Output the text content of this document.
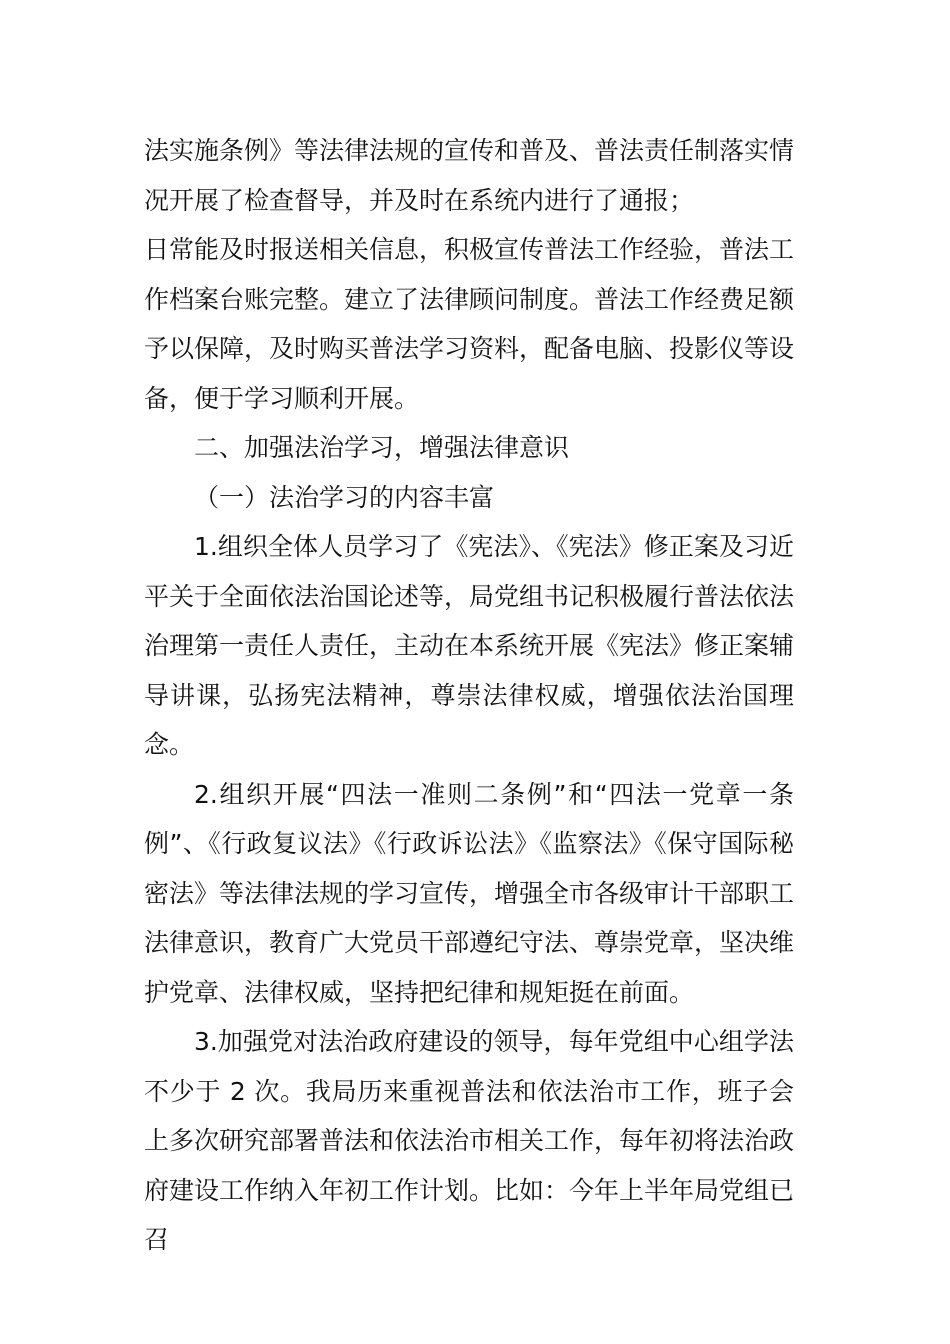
法实施条例》等法律法规的宣传和普及、普法责任制落实情况开展了检查督导，并及时在系统内进行了通报；

日常能及时报送相关信息，积极宣传普法工作经验，普法工作档案台账完整。建立了法律顾问制度。普法工作经费足额予以保障，及时购买普法学习资料，配备电脑、投影仪等设备，便于学习顺利开展。

二、加强法治学习，增强法律意识

（一）法治学习的内容丰富

1.组织全体人员学习了《宪法》、《宪法》修正案及习近平关于全面依法治国论述等，局党组书记积极履行普法依法治理第一责任人责任，主动在本系统开展《宪法》修正案辅导讲课，弘扬宪法精神，尊崇法律权威，增强依法治国理念。

2.组织开展“四法一准则二条例”和“四法一党章一条例”、《行政复议法》《行政诉讼法》《监察法》《保守国际秘密法》等法律法规的学习宣传，增强全市各级审计干部职工法律意识，教育广大党员干部遵纪守法、尊崇党章，坚决维护党章、法律权威，坚持把纪律和规矩挺在前面。

3.加强党对法治政府建设的领导，每年党组中心组学法不少于 2 次。我局历来重视普法和依法治市工作，班子会上多次研究部署普法和依法治市相关工作，每年初将法治政府建设工作纳入年初工作计划。比如：今年上半年局党组已召
